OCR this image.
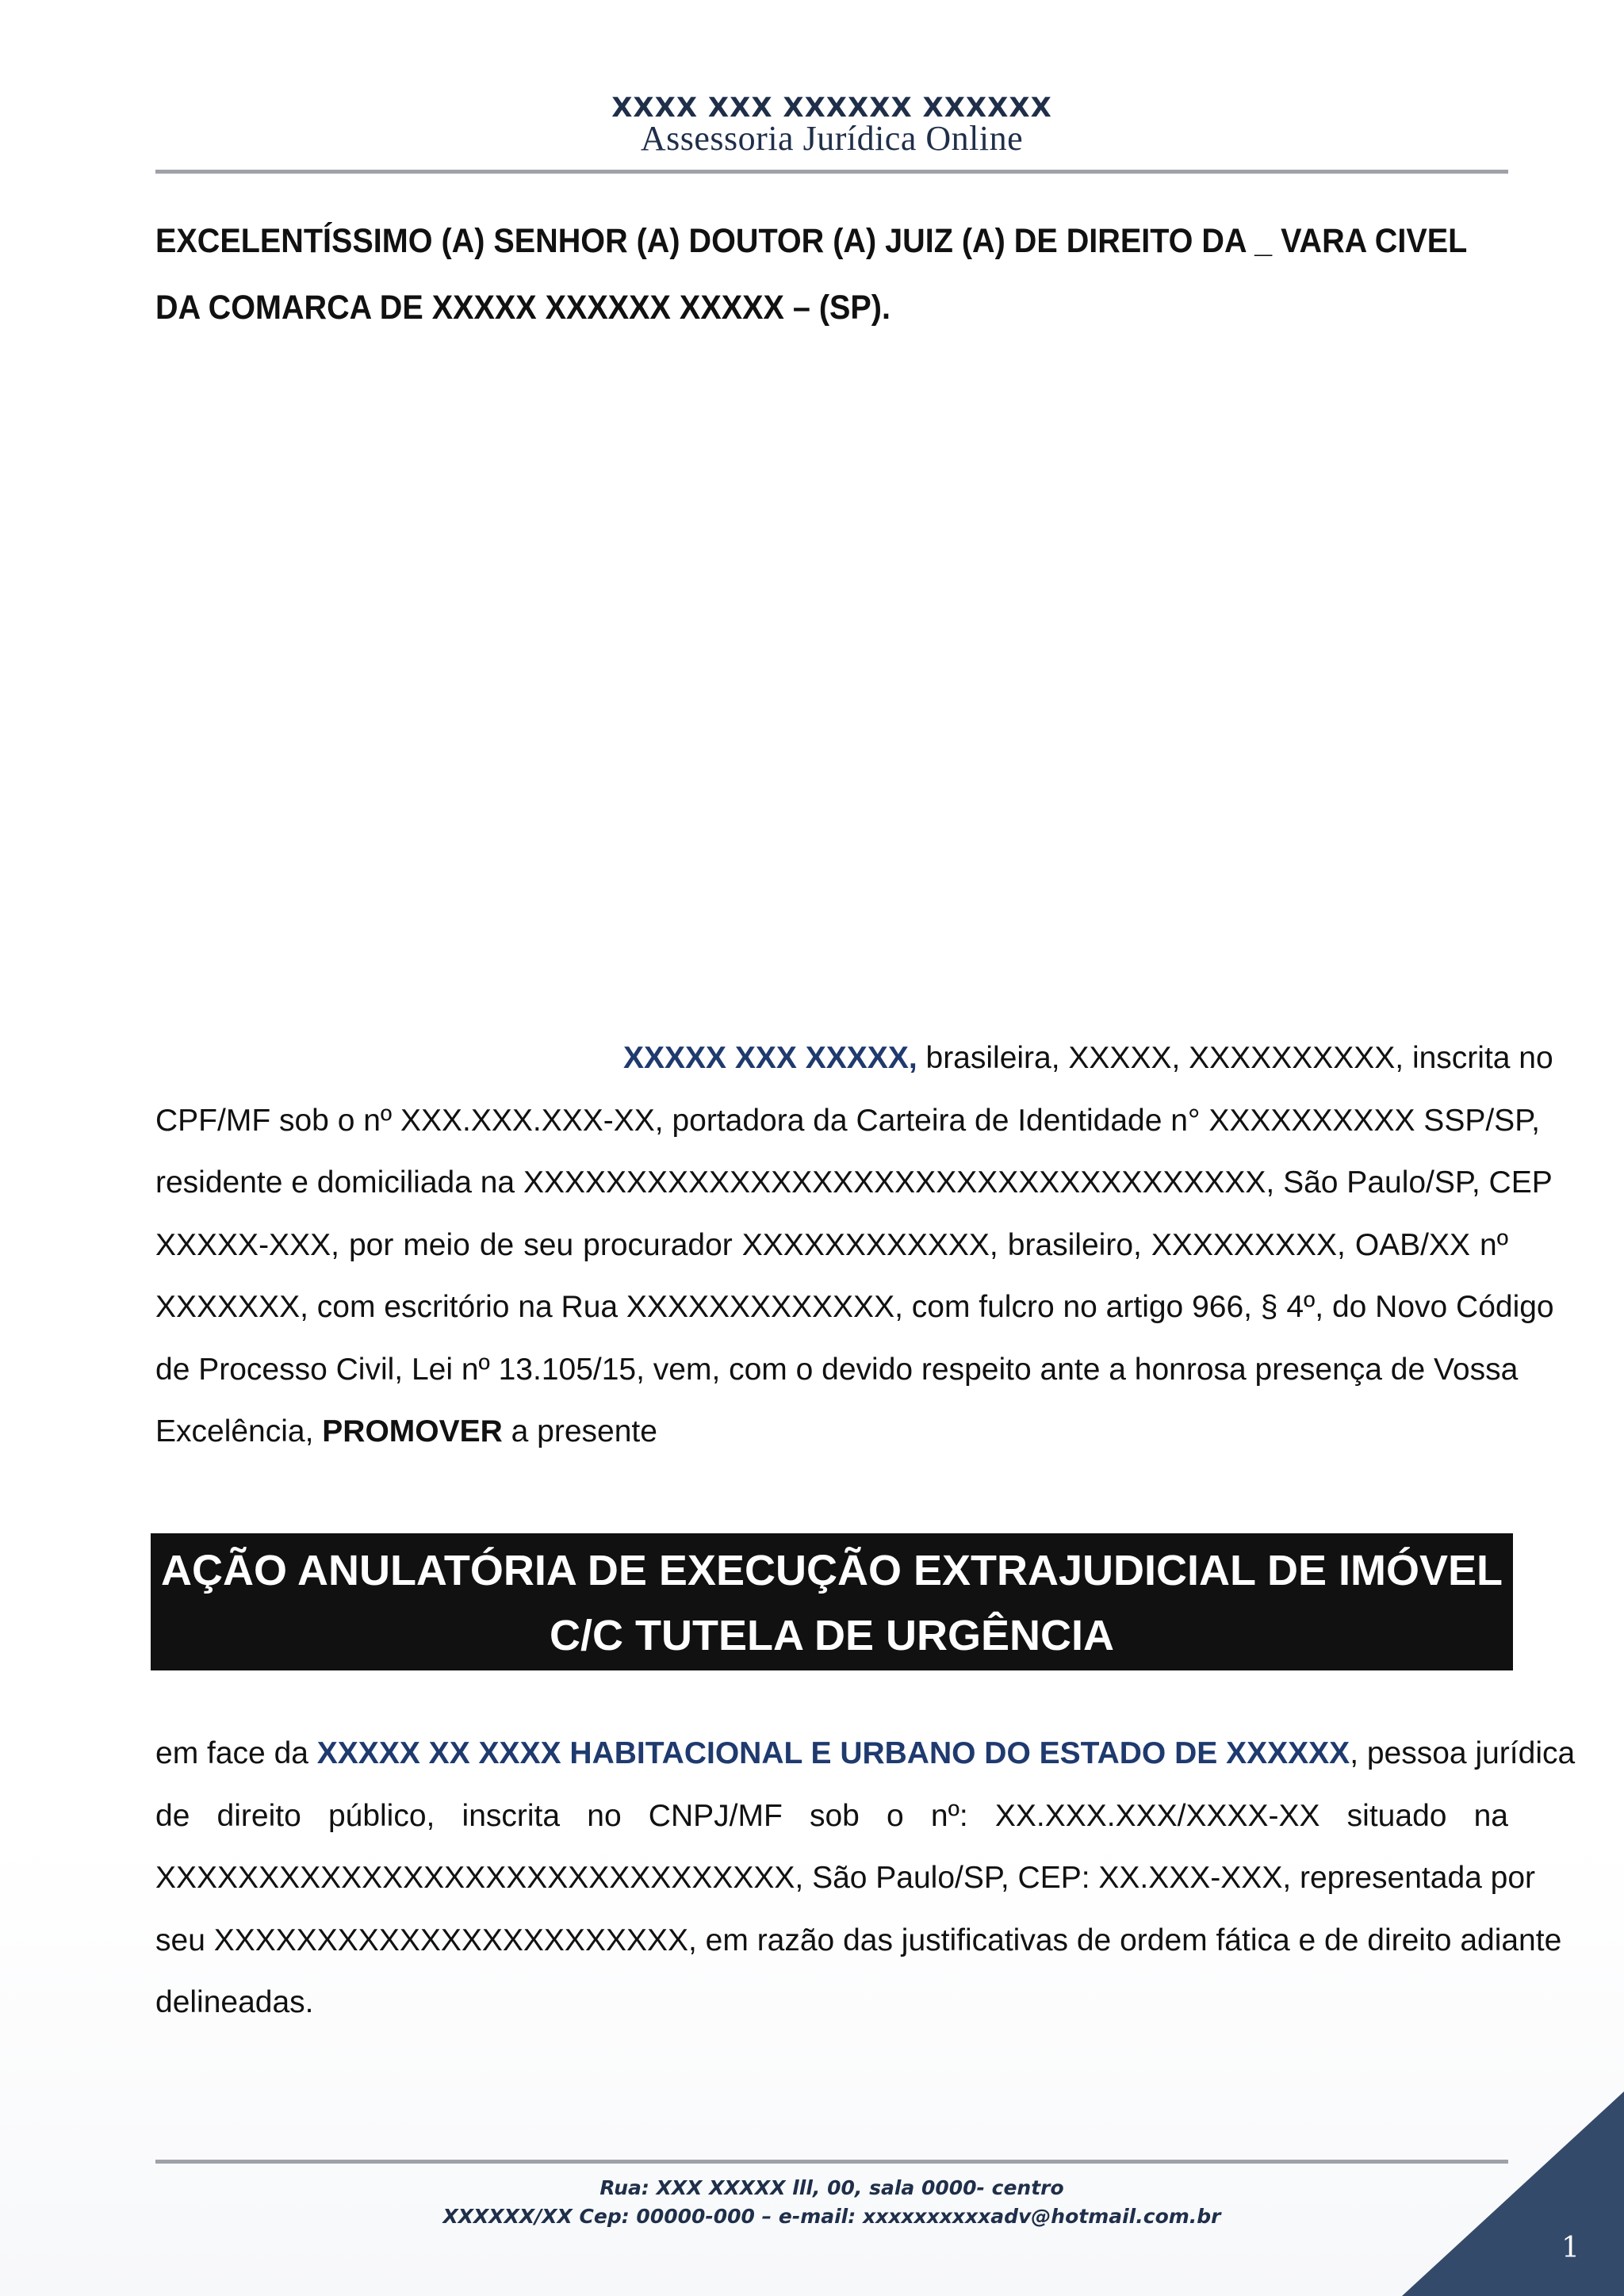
XXXX XXX XXXXXX XXXXXX
Assessoria Jurídica Online
EXCELENTÍSSIMO (A) SENHOR (A) DOUTOR (A) JUIZ (A) DE DIREITO DA _ VARA CIVEL
DA COMARCA DE XXXXX XXXXXX XXXXX – (SP).
XXXXX XXX XXXXX, brasileira, XXXXX, XXXXXXXXXX, inscrita no
CPF/MF sob o nº XXX.XXX.XXX-XX, portadora da Carteira de Identidade n° XXXXXXXXXX SSP/SP,
residente e domiciliada na XXXXXXXXXXXXXXXXXXXXXXXXXXXXXXXXXXXX, São Paulo/SP, CEP
XXXXX-XXX, por meio de seu procurador XXXXXXXXXXXX, brasileiro, XXXXXXXXX, OAB/XX nº
XXXXXXX, com escritório na Rua XXXXXXXXXXXXX, com fulcro no artigo 966, § 4º, do Novo Código
de Processo Civil, Lei nº 13.105/15, vem, com o devido respeito ante a honrosa presença de Vossa
Excelência, PROMOVER a presente
AÇÃO ANULATÓRIA DE EXECUÇÃO EXTRAJUDICIAL DE IMÓVEL
C/C TUTELA DE URGÊNCIA
em face da XXXXX XX XXXX HABITACIONAL E URBANO DO ESTADO DE XXXXXX, pessoa jurídica
de direito público, inscrita no CNPJ/MF sob o nº: XX.XXX.XXX/XXXX-XX situado na
XXXXXXXXXXXXXXXXXXXXXXXXXXXXXXX, São Paulo/SP, CEP: XX.XXX-XXX, representada por
seu XXXXXXXXXXXXXXXXXXXXXXX, em razão das justificativas de ordem fática e de direito adiante
delineadas.
Rua: XXX XXXXX lll, 00, sala 0000- centro
XXXXXX/XX Cep: 00000-000 – e-mail: xxxxxxxxxxadv@hotmail.com.br
1
